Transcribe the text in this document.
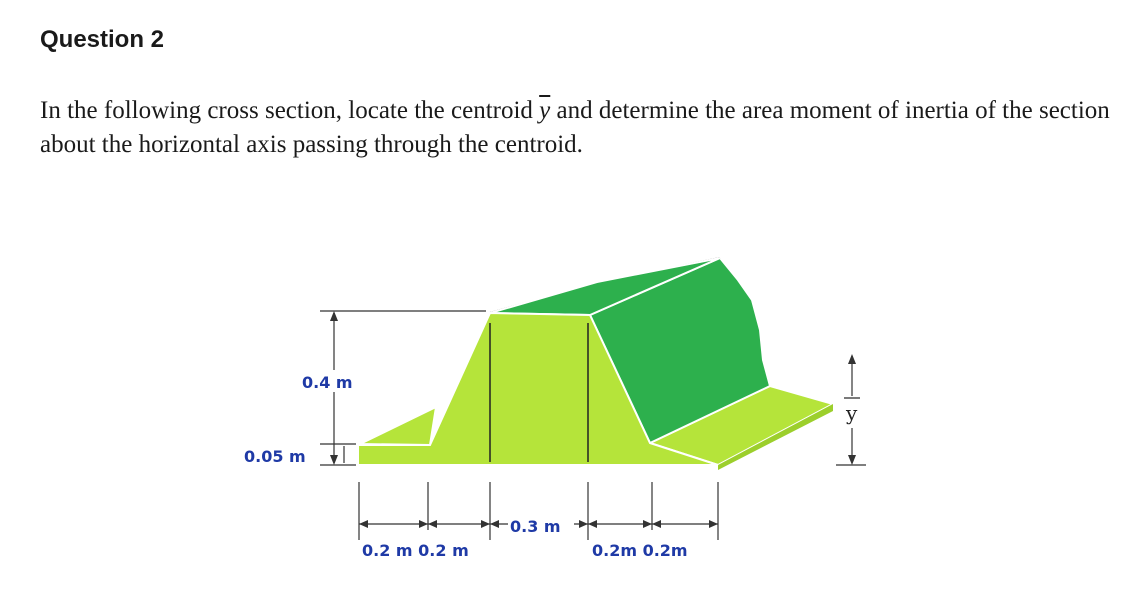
Question 2

In the following cross section, locate the centroid $\overline{y}$ and determine the area moment of inertia of the section about the horizontal axis passing through the centroid.

0.4 m
0.05 m
0.3 m
0.2 m 0.2 m	0.2m 0.2m
y
